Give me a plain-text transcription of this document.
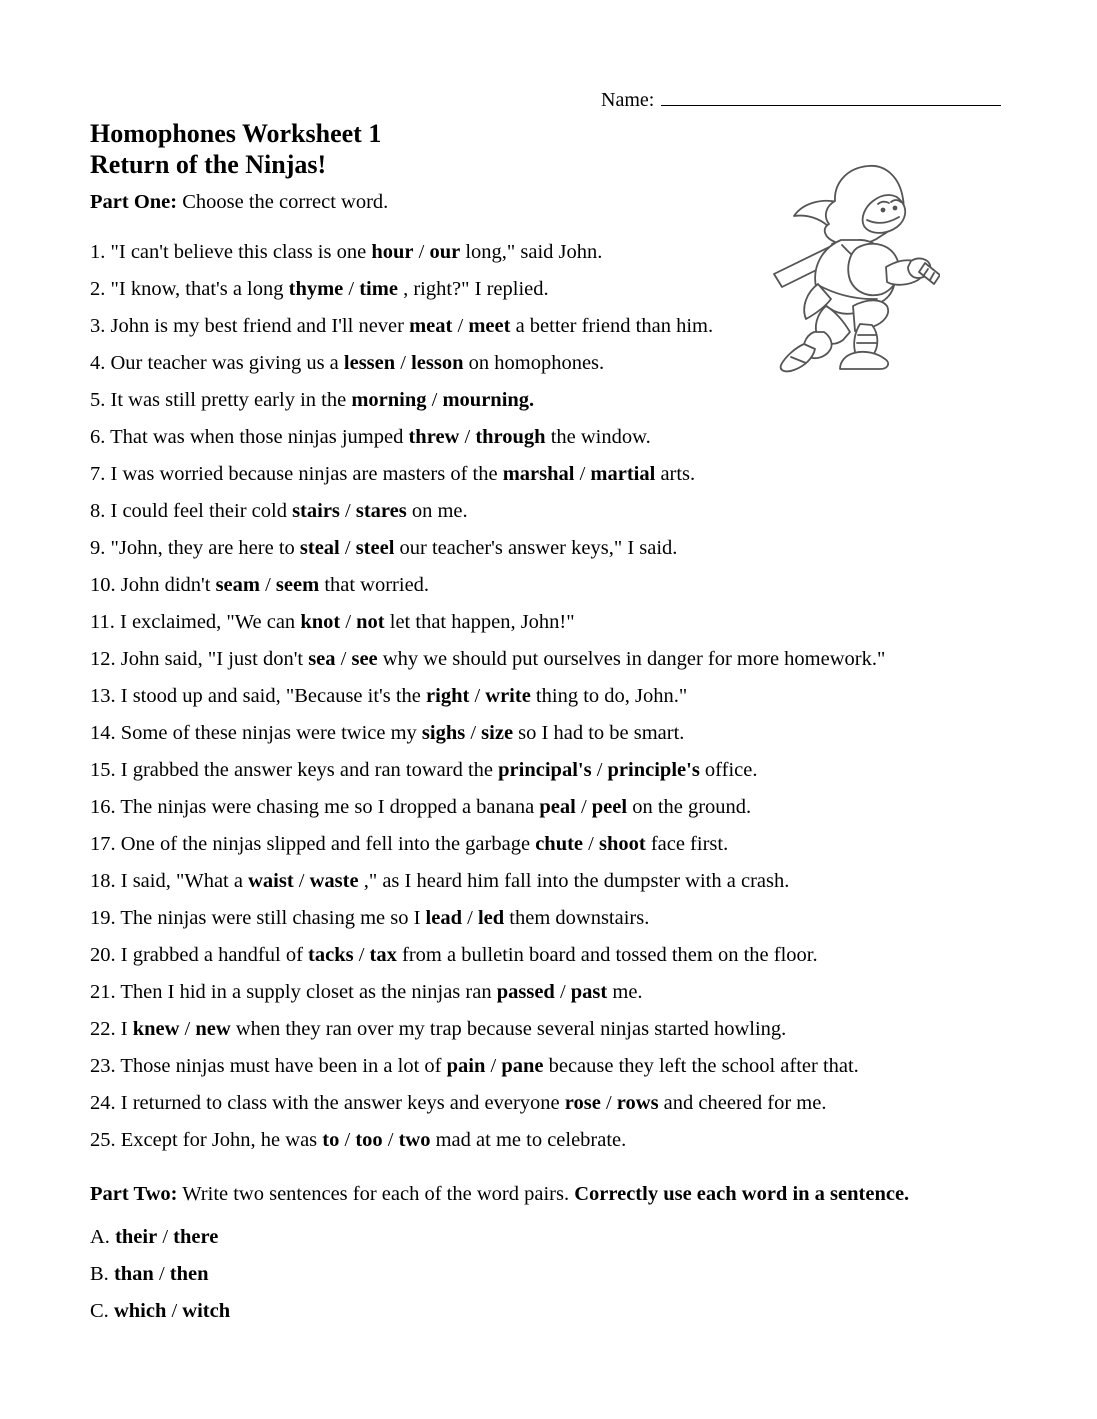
Name:
Homophones Worksheet 1
Return of the Ninjas!

Part One: Choose the correct word.

1. "I can't believe this class is one hour / our long," said John.

2. "I know, that's a long thyme / time , right?" I replied.

3. John is my best friend and I'll never meat / meet a better friend than him.

4. Our teacher was giving us a lessen / lesson on homophones.

5. It was still pretty early in the morning / mourning.

6. That was when those ninjas jumped threw / through the window.

7. I was worried because ninjas are masters of the marshal / martial arts.

8. I could feel their cold stairs / stares on me.

9. "John, they are here to steal / steel our teacher's answer keys," I said.

10. John didn't seam / seem that worried.

11. I exclaimed, "We can knot / not let that happen, John!"

12. John said, "I just don't sea / see why we should put ourselves in danger for more homework."

13. I stood up and said, "Because it's the right / write thing to do, John."

14. Some of these ninjas were twice my sighs / size so I had to be smart.

15. I grabbed the answer keys and ran toward the principal's / principle's office.

16. The ninjas were chasing me so I dropped a banana peal / peel on the ground.

17. One of the ninjas slipped and fell into the garbage chute / shoot face first.

18. I said, "What a waist / waste ," as I heard him fall into the dumpster with a crash.

19. The ninjas were still chasing me so I lead / led them downstairs.

20. I grabbed a handful of tacks / tax from a bulletin board and tossed them on the floor.

21. Then I hid in a supply closet as the ninjas ran passed / past me.

22. I knew / new when they ran over my trap because several ninjas started howling.

23. Those ninjas must have been in a lot of pain / pane because they left the school after that.

24. I returned to class with the answer keys and everyone rose / rows and cheered for me.

25. Except for John, he was to / too / two mad at me to celebrate.

Part Two: Write two sentences for each of the word pairs. Correctly use each word in a sentence.

A. their / there

B. than / then

C. which / witch
